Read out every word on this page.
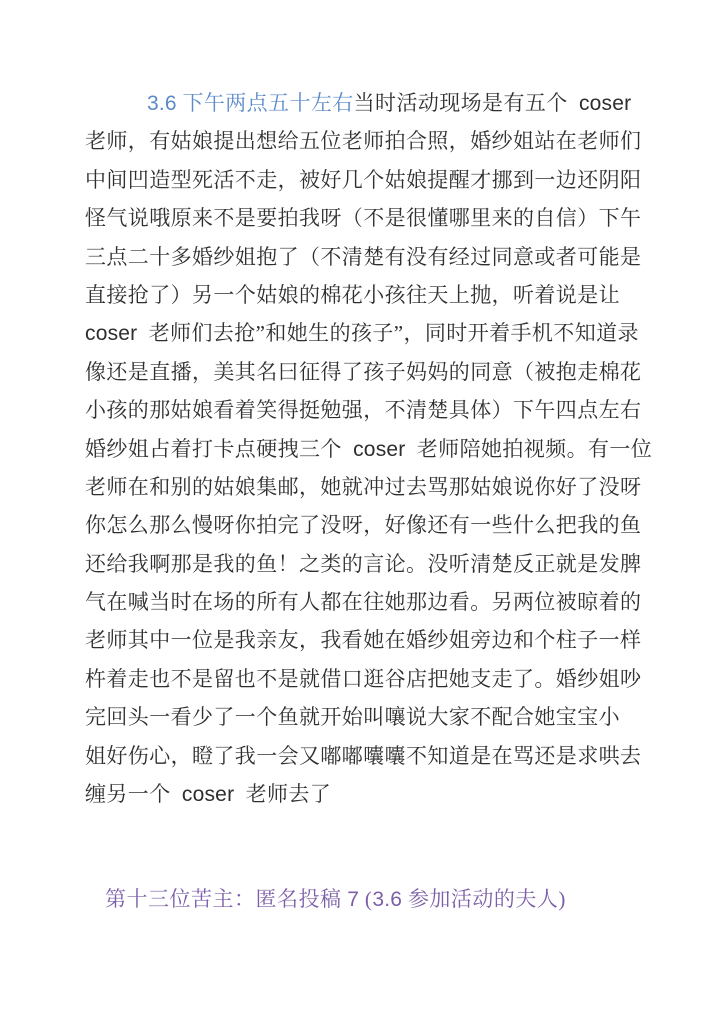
3.6 下午两点五十左右当时活动现场是有五个  coser
老师，有姑娘提出想给五位老师拍合照，婚纱姐站在老师们
中间凹造型死活不走，被好几个姑娘提醒才挪到一边还阴阳
怪气说哦原来不是要拍我呀（不是很懂哪里来的自信）下午
三点二十多婚纱姐抱了（不清楚有没有经过同意或者可能是
直接抢了）另一个姑娘的棉花小孩往天上抛，听着说是让
coser  老师们去抢”和她生的孩子”，同时开着手机不知道录
像还是直播，美其名曰征得了孩子妈妈的同意（被抱走棉花
小孩的那姑娘看着笑得挺勉强，不清楚具体）下午四点左右
婚纱姐占着打卡点硬拽三个  coser  老师陪她拍视频。有一位
老师在和别的姑娘集邮，她就冲过去骂那姑娘说你好了没呀
你怎么那么慢呀你拍完了没呀，好像还有一些什么把我的鱼
还给我啊那是我的鱼！之类的言论。没听清楚反正就是发脾
气在喊当时在场的所有人都在往她那边看。另两位被晾着的
老师其中一位是我亲友，我看她在婚纱姐旁边和个柱子一样
杵着走也不是留也不是就借口逛谷店把她支走了。婚纱姐吵
完回头一看少了一个鱼就开始叫嚷说大家不配合她宝宝小
姐好伤心，瞪了我一会又嘟嘟囔囔不知道是在骂还是求哄去
缠另一个  coser  老师去了
第十三位苦主：匿名投稿 7 (3.6 参加活动的夫人)
